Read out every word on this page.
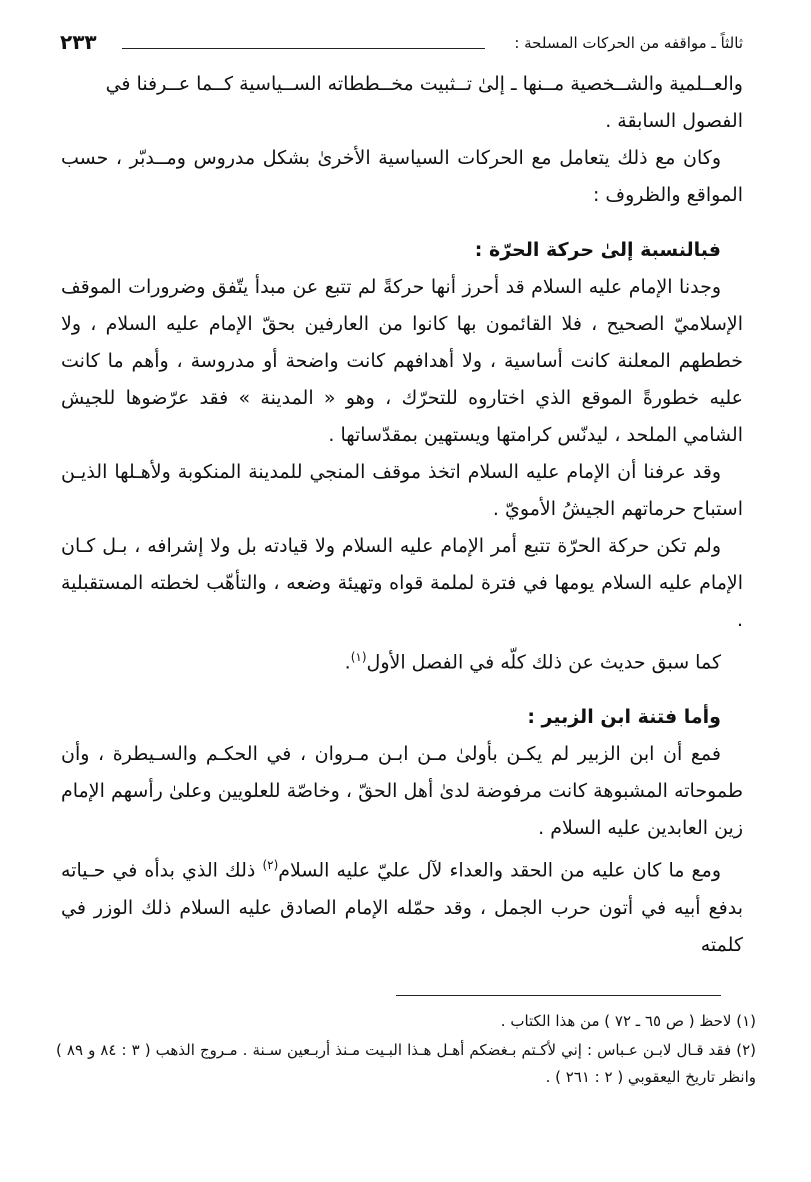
ثالثاً ـ مواقفه من الحركات المسلحة :
٢٣٣

والعــلمية والشــخصية مــنها ـ إلىٰ تــثبيت مخــططاته الســياسية كــما عــرفنا في

الفصول السابقة .

وكان مع ذلك يتعامل مع الحركات السياسية الأخرىٰ بشكل مدروس ومــدبّر ، حسب المواقع والظروف :

فبالنسبة إلىٰ حركة الحرّة :

وجدنا الإمام عليه السلام قد أحرز أنها حركةً لم تتبع عن مبدأ يتّفق وضرورات الموقف الإسلاميّ الصحيح ، فلا القائمون بها كانوا من العارفين بحقّ الإمام عليه السلام ، ولا خططهم المعلنة كانت أساسية ، ولا أهدافهم كانت واضحة أو مدروسة ، وأهم ما كانت عليه خطورةً الموقع الذي اختاروه للتحرّك ، وهو « المدينة » فقد عرّضوها للجيش الشامي الملحد ، ليدنّس كرامتها ويستهين بمقدّساتها .

وقد عرفنا أن الإمام عليه السلام اتخذ موقف المنجي للمدينة المنكوبة ولأهـلها الذيـن استباح حرماتهم الجيشُ الأمويّ .

ولم تكن حركة الحرّة تتبع أمر الإمام عليه السلام ولا قيادته بل ولا إشرافه ، بـل كـان الإمام عليه السلام يومها في فترة لملمة قواه وتهيئة وضعه ، والتأهّب لخطته المستقبلية .

كما سبق حديث عن ذلك كلّه في الفصل الأول$^{(١)}$.

وأما فتنة ابن الزبير :

فمع أن ابن الزبير لم يكـن بأولىٰ مـن ابـن مـروان ، في الحكـم والسـيطرة ، وأن طموحاته المشبوهة كانت مرفوضة لدىٰ أهل الحقّ ، وخاصّة للعلويين وعلىٰ رأسهم الإمام زين العابدين عليه السلام .

ومع ما كان عليه من الحقد والعداء لآل عليّ عليه السلام$^{(٢)}$ ذلك الذي بدأه في حـياته بدفع أبيه في أتون حرب الجمل ، وقد حمّله الإمام الصادق عليه السلام ذلك الوزر في كلمته

(١) لاحظ ( ص ٦٥ ـ ٧٢ ) من هذا الكتاب .

(٢) فقد قـال لابـن عـباس : إني لأكـتم بـغضكم أهـل هـذا البـيت مـنذ أربـعين سـنة . مـروج الذهب ( ٣ : ٨٤ و ٨٩ ) وانظر تاريخ اليعقوبي ( ٢ : ٢٦١ ) .
